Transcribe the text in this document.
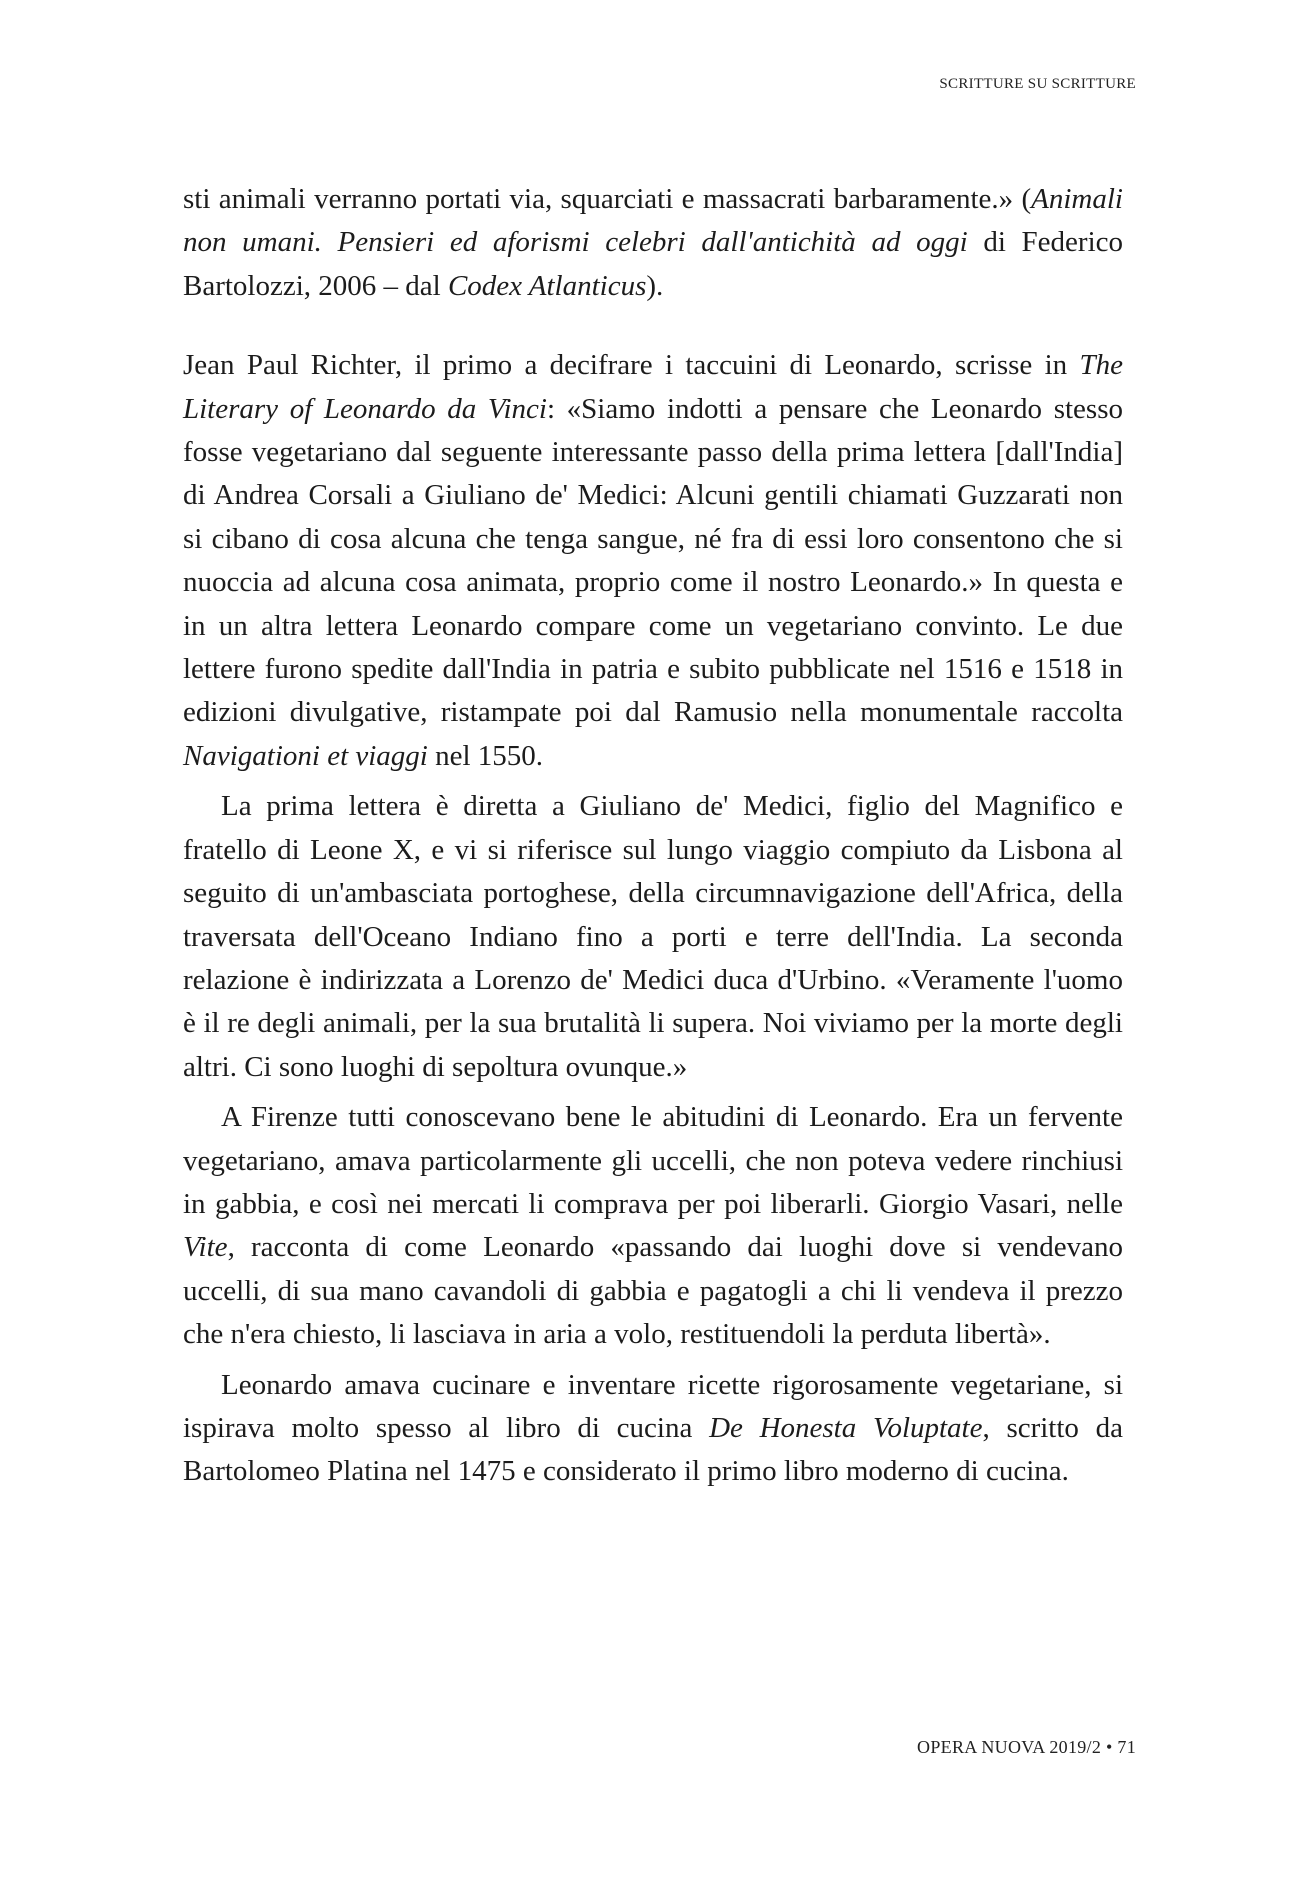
SCRITTURE SU SCRITTURE

sti animali verranno portati via, squarciati e massacrati barbaramente.» (Animali non umani. Pensieri ed aforismi celebri dall'antichità ad oggi di Federico Bartolozzi, 2006 – dal Codex Atlanticus).

Jean Paul Richter, il primo a decifrare i taccuini di Leonardo, scrisse in The Literary of Leonardo da Vinci: «Siamo indotti a pensare che Leonardo stesso fosse vegetariano dal seguente interessante passo della prima lettera [dall'India] di Andrea Corsali a Giuliano de' Medici: Alcuni gentili chiamati Guzzarati non si cibano di cosa alcuna che tenga sangue, né fra di essi loro consentono che si nuoccia ad alcuna cosa animata, proprio come il nostro Leonardo.» In questa e in un altra lettera Leonardo compare come un vegetariano convinto. Le due lettere furono spedite dall'India in patria e subito pubblicate nel 1516 e 1518 in edizioni divulgative, ristampate poi dal Ramusio nella monumentale raccolta Navigationi et viaggi nel 1550.

La prima lettera è diretta a Giuliano de' Medici, figlio del Magnifico e fratello di Leone X, e vi si riferisce sul lungo viaggio compiuto da Lisbona al seguito di un'ambasciata portoghese, della circumnavigazione dell'Africa, della traversata dell'Oceano Indiano fino a porti e terre dell'India. La seconda relazione è indirizzata a Lorenzo de' Medici duca d'Urbino. «Veramente l'uomo è il re degli animali, per la sua brutalità li supera. Noi viviamo per la morte degli altri. Ci sono luoghi di sepoltura ovunque.»

A Firenze tutti conoscevano bene le abitudini di Leonardo. Era un fervente vegetariano, amava particolarmente gli uccelli, che non poteva vedere rinchiusi in gabbia, e così nei mercati li comprava per poi liberarli. Giorgio Vasari, nelle Vite, racconta di come Leonardo «passando dai luoghi dove si vendevano uccelli, di sua mano cavandoli di gabbia e pagatogli a chi li vendeva il prezzo che n'era chiesto, li lasciava in aria a volo, restituendoli la perduta libertà».

Leonardo amava cucinare e inventare ricette rigorosamente vegetariane, si ispirava molto spesso al libro di cucina De Honesta Voluptate, scritto da Bartolomeo Platina nel 1475 e considerato il primo libro moderno di cucina.

OPERA NUOVA 2019/2 • 71
